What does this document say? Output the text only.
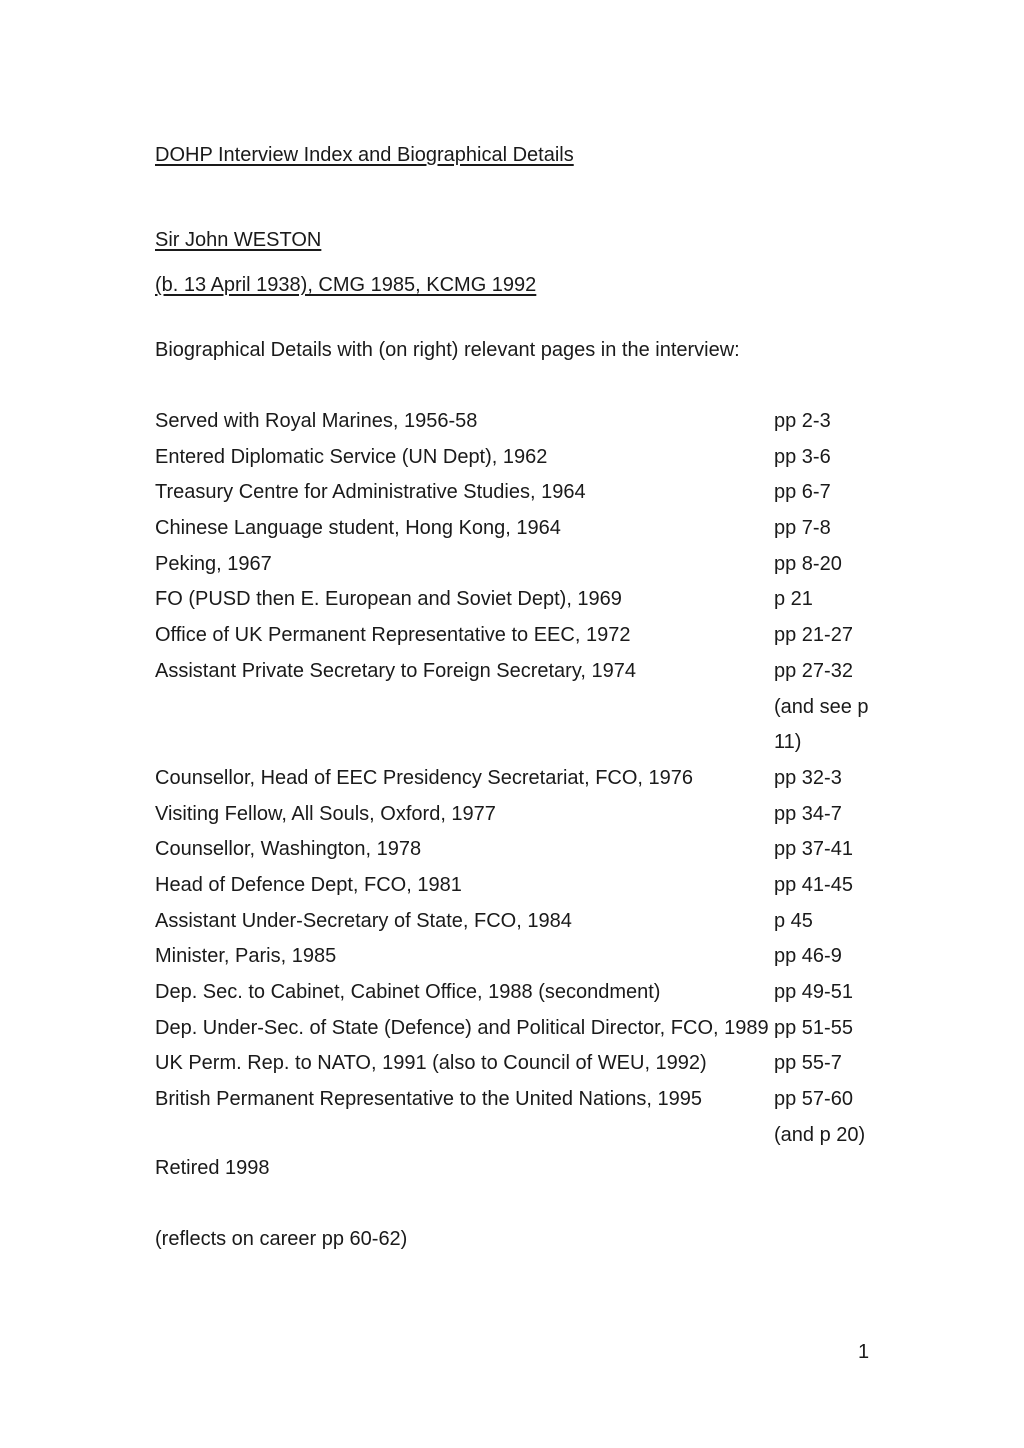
DOHP Interview Index and Biographical Details
Sir John WESTON
(b. 13 April 1938), CMG 1985, KCMG 1992
Biographical Details with (on right) relevant pages in the interview:
Served with Royal Marines, 1956-58	pp 2-3
Entered Diplomatic Service (UN Dept), 1962	pp 3-6
Treasury Centre for Administrative Studies, 1964	pp 6-7
Chinese Language student, Hong Kong, 1964	pp 7-8
Peking, 1967	pp 8-20
FO (PUSD then E. European and Soviet Dept), 1969	p 21
Office of UK Permanent Representative to EEC, 1972	pp 21-27
Assistant Private Secretary to Foreign Secretary, 1974	pp 27-32
(and see p
11)
Counsellor, Head of EEC Presidency Secretariat, FCO, 1976	pp 32-3
Visiting Fellow, All Souls, Oxford, 1977	pp 34-7
Counsellor, Washington, 1978	pp 37-41
Head of Defence Dept, FCO, 1981	pp 41-45
Assistant Under-Secretary of State, FCO, 1984	p 45
Minister, Paris, 1985	pp 46-9
Dep. Sec. to Cabinet, Cabinet Office, 1988 (secondment)	pp 49-51
Dep. Under-Sec. of State (Defence) and Political Director, FCO, 1989 pp 51-55
UK Perm. Rep. to NATO, 1991 (also to Council of WEU, 1992)	pp 55-7
British Permanent Representative to the United Nations, 1995	pp 57-60
(and p 20)
Retired 1998
(reflects on career pp 60-62)
1
